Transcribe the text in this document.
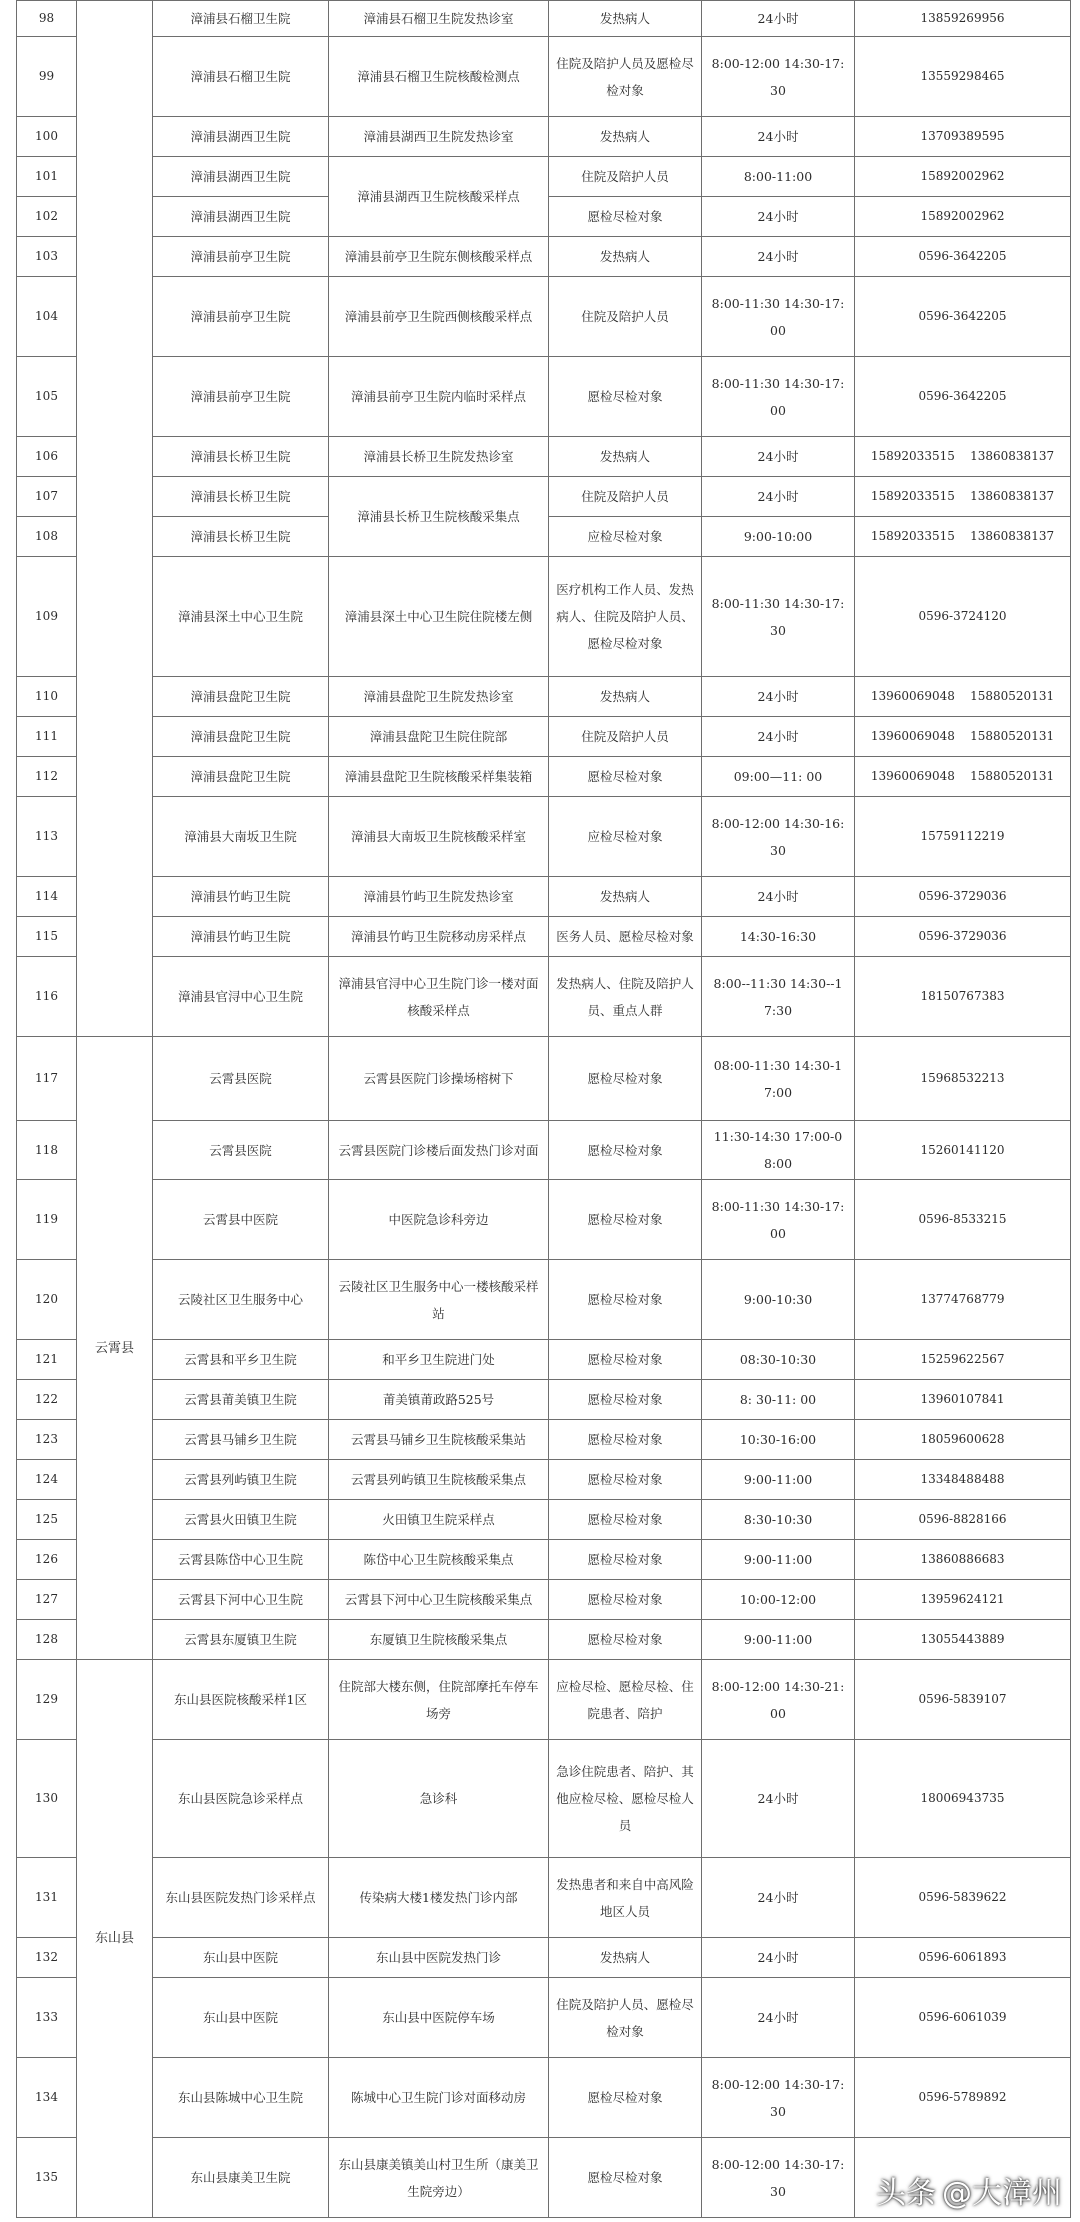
98		漳浦县石榴卫生院	漳浦县石榴卫生院发热诊室	发热病人	24小时	13859269956
99		漳浦县石榴卫生院	漳浦县石榴卫生院核酸检测点	住院及陪护人员及愿检尽检对象	8:00-12:00 14:30-17:30	13559298465
100		漳浦县湖西卫生院	漳浦县湖西卫生院发热诊室	发热病人	24小时	13709389595
101		漳浦县湖西卫生院	漳浦县湖西卫生院核酸采样点	住院及陪护人员	8:00-11:00	15892002962
102		漳浦县湖西卫生院		愿检尽检对象	24小时	15892002962
103		漳浦县前亭卫生院	漳浦县前亭卫生院东侧核酸采样点	发热病人	24小时	0596-3642205
104		漳浦县前亭卫生院	漳浦县前亭卫生院西侧核酸采样点	住院及陪护人员	8:00-11:30 14:30-17:00	0596-3642205
105		漳浦县前亭卫生院	漳浦县前亭卫生院内临时采样点	愿检尽检对象	8:00-11:30 14:30-17:00	0596-3642205
106		漳浦县长桥卫生院	漳浦县长桥卫生院发热诊室	发热病人	24小时	15892033515    13860838137
107		漳浦县长桥卫生院	漳浦县长桥卫生院核酸采集点	住院及陪护人员	24小时	15892033515    13860838137
108		漳浦县长桥卫生院		应检尽检对象	9:00-10:00	15892033515    13860838137
109		漳浦县深土中心卫生院	漳浦县深土中心卫生院住院楼左侧	医疗机构工作人员、发热病人、住院及陪护人员、愿检尽检对象	8:00-11:30 14:30-17:30	0596-3724120
110		漳浦县盘陀卫生院	漳浦县盘陀卫生院发热诊室	发热病人	24小时	13960069048    15880520131
111		漳浦县盘陀卫生院	漳浦县盘陀卫生院住院部	住院及陪护人员	24小时	13960069048    15880520131
112		漳浦县盘陀卫生院	漳浦县盘陀卫生院核酸采样集装箱	愿检尽检对象	09:00—11: 00	13960069048    15880520131
113		漳浦县大南坂卫生院	漳浦县大南坂卫生院核酸采样室	应检尽检对象	8:00-12:00 14:30-16:30	15759112219
114		漳浦县竹屿卫生院	漳浦县竹屿卫生院发热诊室	发热病人	24小时	0596-3729036
115		漳浦县竹屿卫生院	漳浦县竹屿卫生院移动房采样点	医务人员、愿检尽检对象	14:30-16:30	0596-3729036
116		漳浦县官浔中心卫生院	漳浦县官浔中心卫生院门诊一楼对面核酸采样点	发热病人、住院及陪护人员、重点人群	8:00--11:30 14:30--17:30	18150767383
117	云霄县	云霄县医院	云霄县医院门诊操场榕树下	愿检尽检对象	08:00-11:30 14:30-17:00	15968532213
118		云霄县医院	云霄县医院门诊楼后面发热门诊对面	愿检尽检对象	11:30-14:30 17:00-08:00	15260141120
119		云霄县中医院	中医院急诊科旁边	愿检尽检对象	8:00-11:30 14:30-17:00	0596-8533215
120		云陵社区卫生服务中心	云陵社区卫生服务中心一楼核酸采样站	愿检尽检对象	9:00-10:30	13774768779
121		云霄县和平乡卫生院	和平乡卫生院进门处	愿检尽检对象	08:30-10:30	15259622567
122		云霄县莆美镇卫生院	莆美镇莆政路525号	愿检尽检对象	8: 30-11: 00	13960107841
123		云霄县马铺乡卫生院	云霄县马铺乡卫生院核酸采集站	愿检尽检对象	10:30-16:00	18059600628
124		云霄县列屿镇卫生院	云霄县列屿镇卫生院核酸采集点	愿检尽检对象	9:00-11:00	13348488488
125		云霄县火田镇卫生院	火田镇卫生院采样点	愿检尽检对象	8:30-10:30	0596-8828166
126		云霄县陈岱中心卫生院	陈岱中心卫生院核酸采集点	愿检尽检对象	9:00-11:00	13860886683
127		云霄县下河中心卫生院	云霄县下河中心卫生院核酸采集点	愿检尽检对象	10:00-12:00	13959624121
128		云霄县东厦镇卫生院	东厦镇卫生院核酸采集点	愿检尽检对象	9:00-11:00	13055443889
129	东山县	东山县医院核酸采样1区	住院部大楼东侧，住院部摩托车停车场旁	应检尽检、愿检尽检、住院患者、陪护	8:00-12:00 14:30-21:00	0596-5839107
130		东山县医院急诊采样点	急诊科	急诊住院患者、陪护、其他应检尽检、愿检尽检人员	24小时	18006943735
131		东山县医院发热门诊采样点	传染病大楼1楼发热门诊内部	发热患者和来自中高风险地区人员	24小时	0596-5839622
132		东山县中医院	东山县中医院发热门诊	发热病人	24小时	0596-6061893
133		东山县中医院	东山县中医院停车场	住院及陪护人员、愿检尽检对象	24小时	0596-6061039
134		东山县陈城中心卫生院	陈城中心卫生院门诊对面移动房	愿检尽检对象	8:00-12:00 14:30-17:30	0596-5789892
135		东山县康美卫生院	东山县康美镇美山村卫生所（康美卫生院旁边）	愿检尽检对象	8:00-12:00 14:30-17:30		头条 @大漳州
